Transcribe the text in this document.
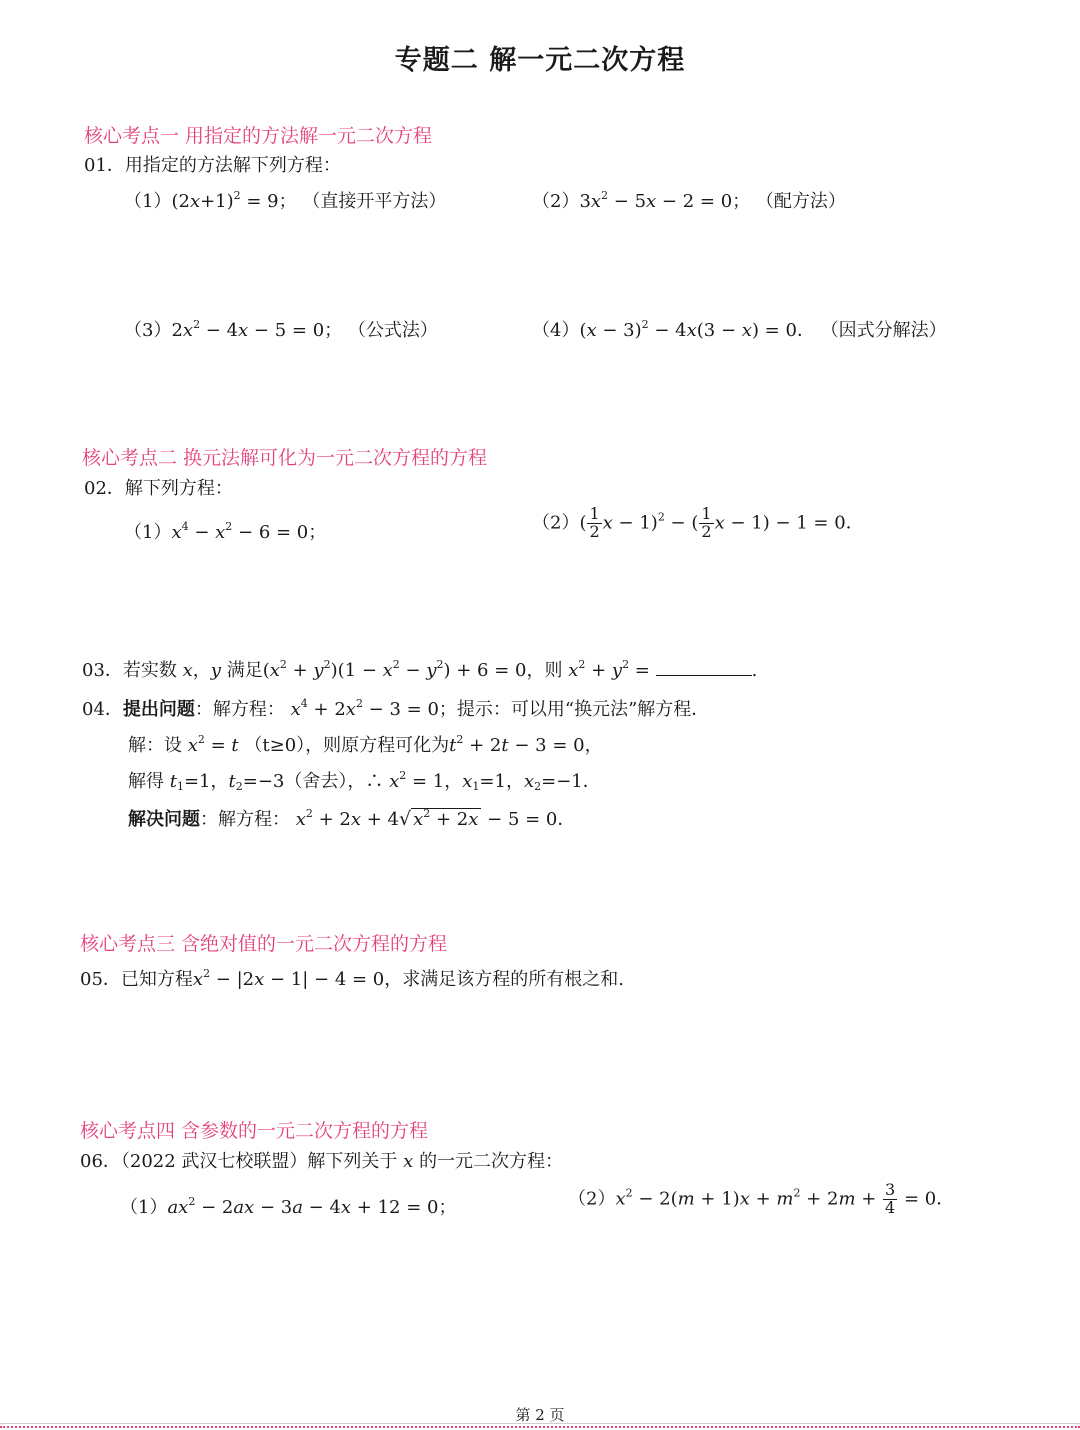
专题二 解一元二次方程
核心考点一 用指定的方法解一元二次方程
01．用指定的方法解下列方程：
$(1)(2x+1)^2 = 9$； （直接开平方法）	$(2)3x^2 - 5x - 2 = 0$； （配方法）
$(3)2x^2 - 4x - 5 = 0$； （公式法）	$(4)(x - 3)^2 - 4x(3 - x) = 0$． （因式分解法）
核心考点二 换元法解可化为一元二次方程的方程
02．解下列方程：
$(1)x^4 - x^2 - 6 = 0$；	$(2)( \frac{1}{2}$ $x - 1)^2$ − ( $\frac{1}{2}$ x − 1) − 1 = 0．
03．若实数 x，y 满足$(x^2 + y^2)(1 - x^2 - y^2) + 6 = 0$，则 $x^2 + y^2$ =	.
04．提出问题：解方程： $x^4 + 2x^2 - 3 = 0$；提示：可以用“换元法”解方程．
解：设 $x^2 = t$ （t≥0），则原方程可化为$t^2 + 2t - 3 = 0$，
解得 $t_1=1$，$t_2=-3$（舍去），∴ $x^2 = 1$，$x_1=1$，$x_2=-1$．
解决问题：解方程： $x^2 + 2x + 4√$ $x^2 + 2x - 5 = 0$．
核心考点三 含绝对值的一元二次方程的方程
05．已知方程$x^2 - |2x - 1| - 4 = 0$，求满足该方程的所有根之和.
核心考点四 含参数的一元二次方程的方程
06．（2022 武汉七校联盟）解下列关于 x 的一元二次方程：
$(1)ax^2 - 2ax - 3a - 4x + 12 = 0$；	$(2)x^2 - 2(m + 1)x + m^2 + 2m + \frac{3}{4} = 0$．
第 2 页
